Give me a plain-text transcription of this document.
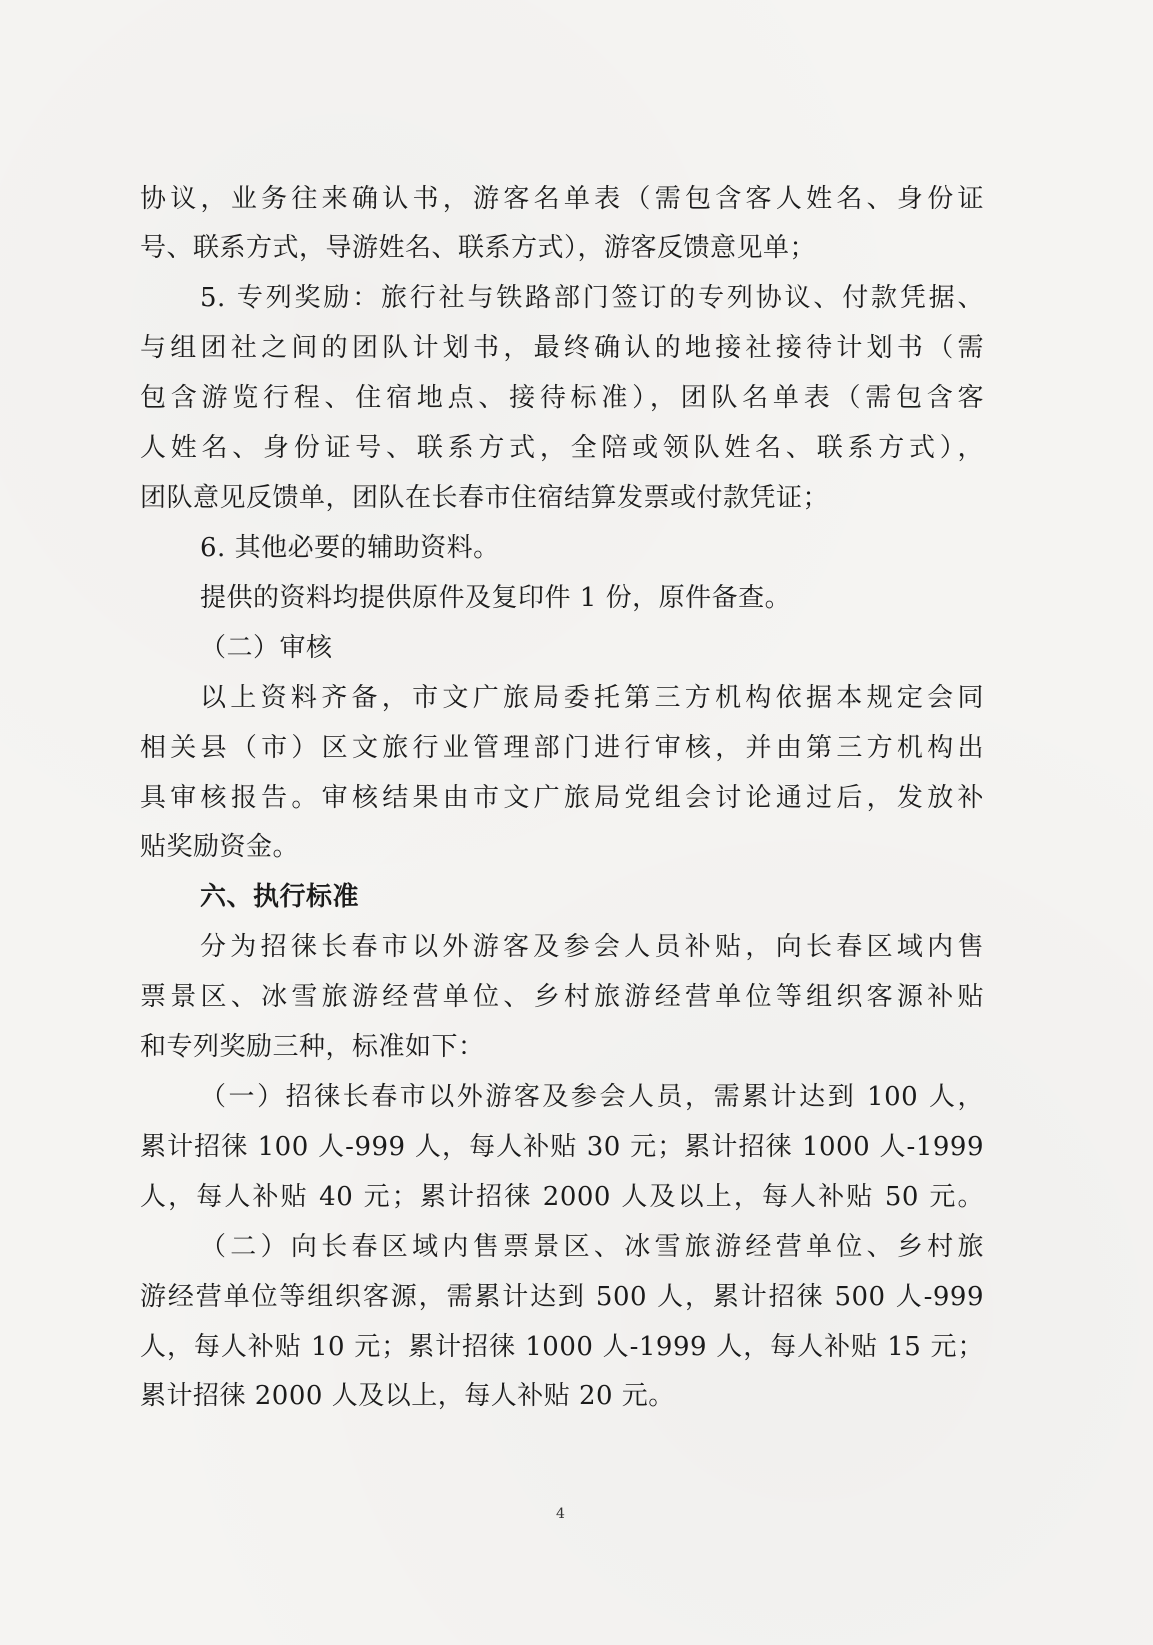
协议，业务往来确认书，游客名单表（需包含客人姓名、身份证
号、联系方式，导游姓名、联系方式），游客反馈意见单；
5. 专列奖励：旅行社与铁路部门签订的专列协议、付款凭据、
与组团社之间的团队计划书，最终确认的地接社接待计划书（需
包含游览行程、住宿地点、接待标准），团队名单表（需包含客
人姓名、身份证号、联系方式，全陪或领队姓名、联系方式），
团队意见反馈单，团队在长春市住宿结算发票或付款凭证；
6. 其他必要的辅助资料。
提供的资料均提供原件及复印件 1 份，原件备查。
（二）审核
以上资料齐备，市文广旅局委托第三方机构依据本规定会同
相关县（市）区文旅行业管理部门进行审核，并由第三方机构出
具审核报告。审核结果由市文广旅局党组会讨论通过后，发放补
贴奖励资金。
六、执行标准
分为招徕长春市以外游客及参会人员补贴，向长春区域内售
票景区、冰雪旅游经营单位、乡村旅游经营单位等组织客源补贴
和专列奖励三种，标准如下：
（一）招徕长春市以外游客及参会人员，需累计达到 100 人，
累计招徕 100 人-999 人，每人补贴 30 元；累计招徕 1000 人-1999
人，每人补贴 40 元；累计招徕 2000 人及以上，每人补贴 50 元。
（二）向长春区域内售票景区、冰雪旅游经营单位、乡村旅
游经营单位等组织客源，需累计达到 500 人，累计招徕 500 人-999
人，每人补贴 10 元；累计招徕 1000 人-1999 人，每人补贴 15 元；
累计招徕 2000 人及以上，每人补贴 20 元。
4
